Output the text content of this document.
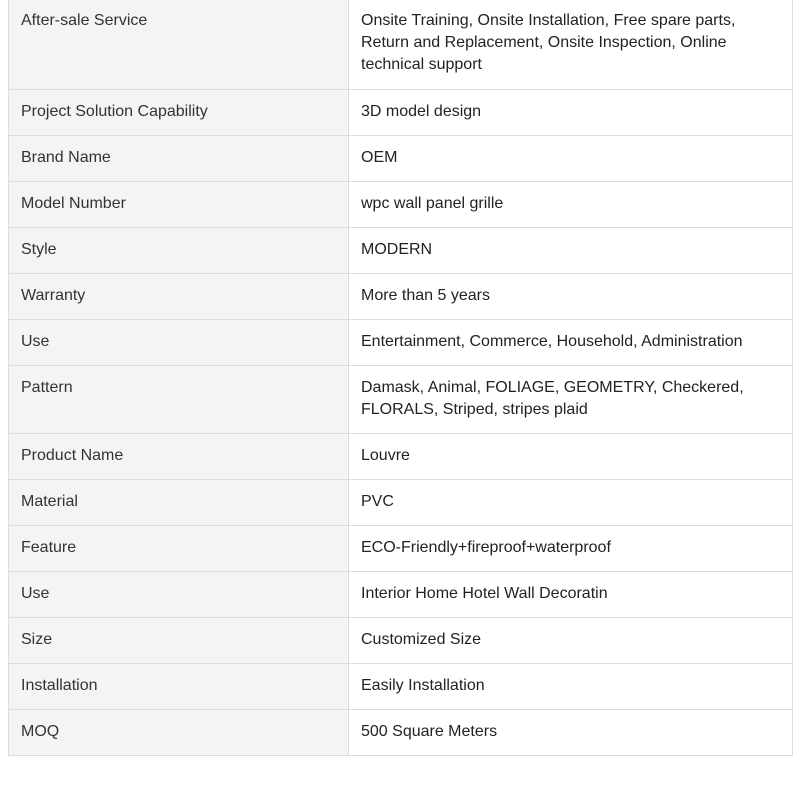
After-sale Service	Onsite Training, Onsite Installation, Free spare parts, Return and Replacement, Onsite Inspection, Online technical support
Project Solution Capability	3D model design
Brand Name	OEM
Model Number	wpc wall panel grille
Style	MODERN
Warranty	More than 5 years
Use	Entertainment, Commerce, Household, Administration
Pattern	Damask, Animal, FOLIAGE, GEOMETRY, Checkered, FLORALS, Striped, stripes plaid
Product Name	Louvre
Material	PVC
Feature	ECO-Friendly+fireproof+waterproof
Use	Interior Home Hotel Wall Decoratin
Size	Customized Size
Installation	Easily Installation
MOQ	500 Square Meters
